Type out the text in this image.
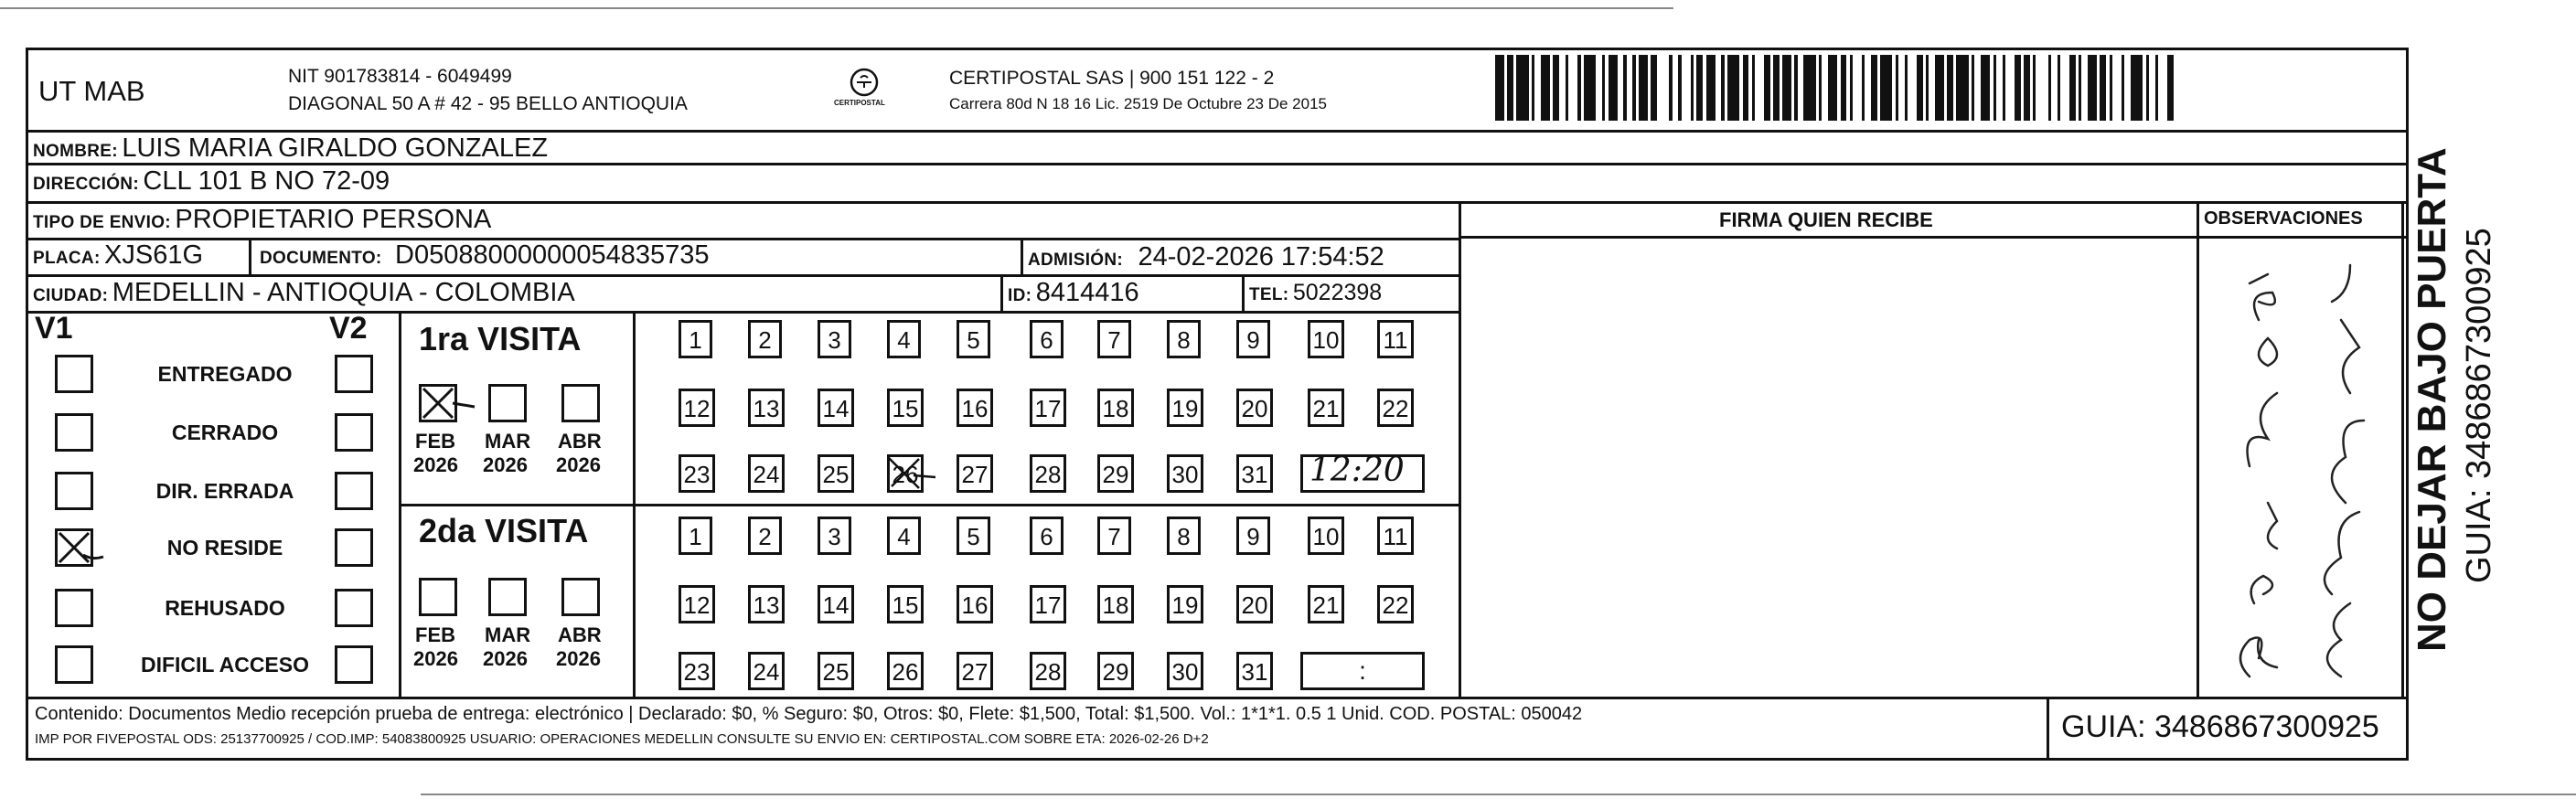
UT MAB	NIT 901783814 - 6049499
DIAGONAL 50 A # 42 - 95 BELLO ANTIOQUIA	CERTIPOSTAL
CERTIPOSTAL SAS | 900 151 122 - 2
Carrera 80d N 18 16 Lic. 2519 De Octubre 23 De 2015
NOMBRE: LUIS MARIA GIRALDO GONZALEZ
DIRECCIÓN: CLL 101 B NO 72-09
TIPO DE ENVIO: PROPIETARIO PERSONA
PLACA: XJS61G	DOCUMENTO: D05088000000054835735	ADMISIÓN: 24-02-2026 17:54:52
CIUDAD: MEDELLIN - ANTIOQUIA - COLOMBIA	ID: 8414416	TEL: 5022398
FIRMA QUIEN RECIBE	OBSERVACIONES
V1	V2
ENTREGADO
CERRADO
DIR. ERRADA
NO RESIDE
REHUSADO
DIFICIL ACCESO
1ra VISITA
2da VISITA
FEB
2026
MAR
2026
ABR
2026
FEB
2026
MAR
2026
ABR
2026
1	2	3	4	5	6	7	8	9	10 11
12 13 14 15 16 17 18 19 20 21 22
23 24 25 26 27 28 29 30 31
1	2	3	4	5	6	7	8	9	10 11
12 13 14 15 16 17 18 19 20 21 22
23 24 25 26 27 28 29 30 31
12:20
:
Contenido: Documentos Medio recepción prueba de entrega: electrónico | Declarado: $0, % Seguro: $0, Otros: $0, Flete: $1,500, Total: $1,500. Vol.: 1*1*1. 0.5 1 Unid. COD. POSTAL: 050042
IMP POR FIVEPOSTAL ODS: 25137700925 / COD.IMP: 54083800925 USUARIO: OPERACIONES MEDELLIN CONSULTE SU ENVIO EN: CERTIPOSTAL.COM SOBRE ETA: 2026-02-26 D+2	GUIA: 3486867300925
NO DEJAR BAJO PUERTA GUIA: 3486867300925
